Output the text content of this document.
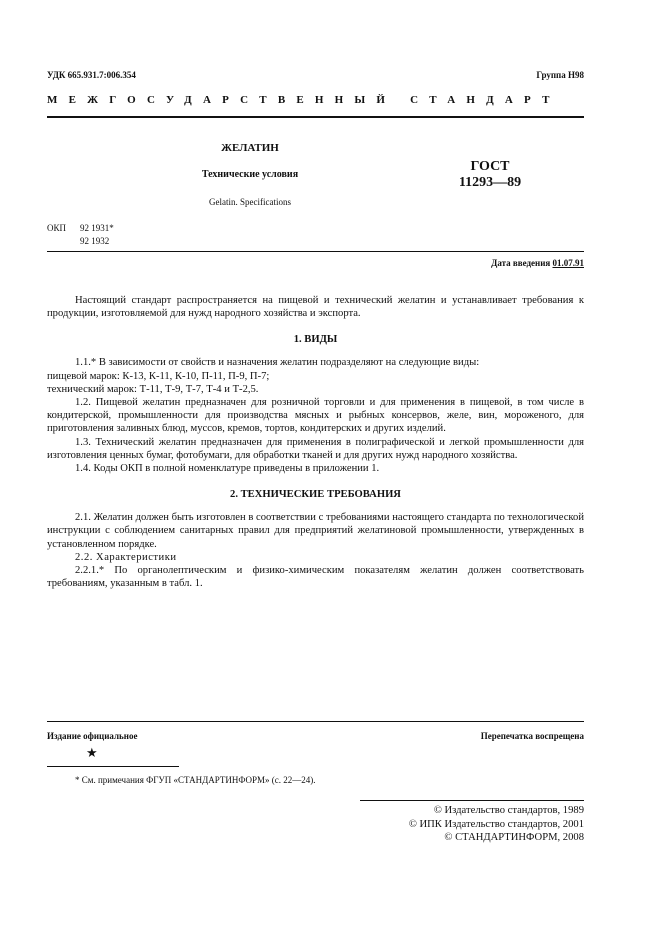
УДК 665.931.7:006.354	Группа Н98
МЕЖГОСУДАРСТВЕННЫЙ СТАНДАРТ
ЖЕЛАТИН
Технические условия
Gelatin. Specifications
ГОСТ
11293—89
ОКП 92 1931*
92 1932
Дата введения 01.07.91

Настоящий стандарт распространяется на пищевой и технический желатин и устанавливает требования к продукции, изготовляемой для нужд народного хозяйства и экспорта.

1. ВИДЫ

1.1.* В зависимости от свойств и назначения желатин подразделяют на следующие виды:

пищевой марок: К-13, К-11, К-10, П-11, П-9, П-7;

технический марок: Т-11, Т-9, Т-7, Т-4 и Т-2,5.

1.2. Пищевой желатин предназначен для розничной торговли и для применения в пищевой, в том числе в кондитерской, промышленности для производства мясных и рыбных консервов, желе, вин, мороженого, для приготовления заливных блюд, муссов, кремов, тортов, кондитерских и других изделий.

1.3. Технический желатин предназначен для применения в полиграфической и легкой промышленности для изготовления ценных бумаг, фотобумаги, для обработки тканей и для других нужд народного хозяйства.

1.4. Коды ОКП в полной номенклатуре приведены в приложении 1.

2. ТЕХНИЧЕСКИЕ ТРЕБОВАНИЯ

2.1. Желатин должен быть изготовлен в соответствии с требованиями настоящего стандарта по технологической инструкции с соблюдением санитарных правил для предприятий желатиновой промышленности, утвержденных в установленном порядке.

2.2. Характеристики

2.2.1.* По органолептическим и физико-химическим показателям желатин должен соответствовать требованиям, указанным в табл. 1.

Издание официальное	Перепечатка воспрещена
★
* См. примечания ФГУП «СТАНДАРТИНФОРМ» (с. 22—24).
© Издательство стандартов, 1989
© ИПК Издательство стандартов, 2001
© СТАНДАРТИНФОРМ, 2008
